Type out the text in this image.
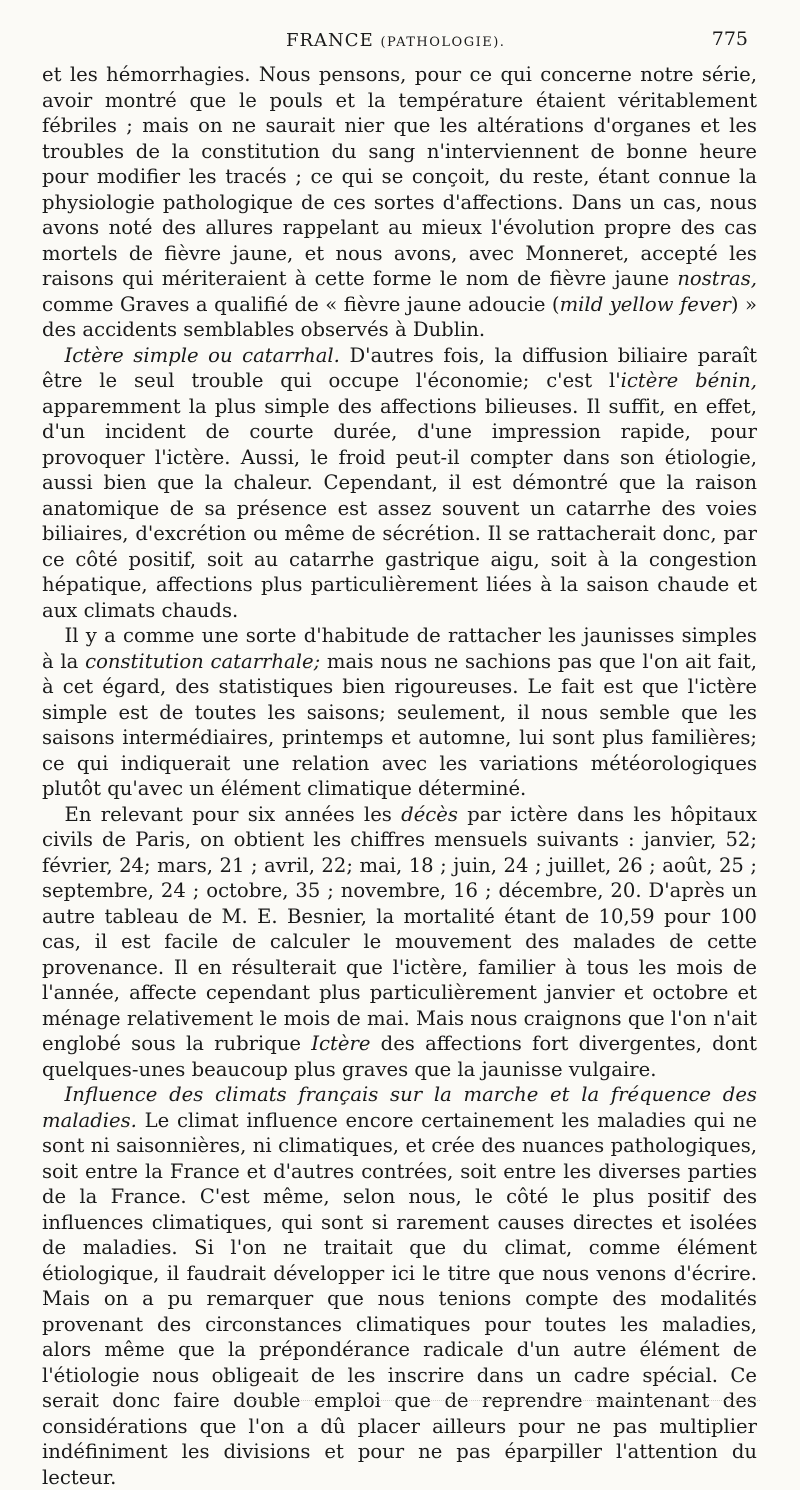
FRANCE (PATHOLOGIE).	775

et les hémorrhagies. Nous pensons, pour ce qui concerne notre série, avoir montré que le pouls et la température étaient véritablement fébriles ; mais on ne saurait nier que les altérations d'organes et les troubles de la constitution du sang n'interviennent de bonne heure pour modifier les tracés ; ce qui se conçoit, du reste, étant connue la physiologie pathologique de ces sortes d'affections. Dans un cas, nous avons noté des allures rappelant au mieux l'évolution propre des cas mortels de fièvre jaune, et nous avons, avec Monneret, accepté les raisons qui mériteraient à cette forme le nom de fièvre jaune nostras, comme Graves a qualifié de « fièvre jaune adoucie (mild yellow fever) » des accidents semblables observés à Dublin.

Ictère simple ou catarrhal. D'autres fois, la diffusion biliaire paraît être le seul trouble qui occupe l'économie; c'est l'ictère bénin, apparemment la plus simple des affections bilieuses. Il suffit, en effet, d'un incident de courte durée, d'une impression rapide, pour provoquer l'ictère. Aussi, le froid peut-il compter dans son étiologie, aussi bien que la chaleur. Cependant, il est démontré que la raison anatomique de sa présence est assez souvent un catarrhe des voies biliaires, d'excrétion ou même de sécrétion. Il se rattacherait donc, par ce côté positif, soit au catarrhe gastrique aigu, soit à la congestion hépatique, affections plus particulièrement liées à la saison chaude et aux climats chauds.

Il y a comme une sorte d'habitude de rattacher les jaunisses simples à la constitution catarrhale; mais nous ne sachions pas que l'on ait fait, à cet égard, des statistiques bien rigoureuses. Le fait est que l'ictère simple est de toutes les saisons; seulement, il nous semble que les saisons intermédiaires, printemps et automne, lui sont plus familières; ce qui indiquerait une relation avec les variations météorologiques plutôt qu'avec un élément climatique déterminé.

En relevant pour six années les décès par ictère dans les hôpitaux civils de Paris, on obtient les chiffres mensuels suivants : janvier, 52; février, 24; mars, 21 ; avril, 22; mai, 18 ; juin, 24 ; juillet, 26 ; août, 25 ; septembre, 24 ; octobre, 35 ; novembre, 16 ; décembre, 20. D'après un autre tableau de M. E. Besnier, la mortalité étant de 10,59 pour 100 cas, il est facile de calculer le mouvement des malades de cette provenance. Il en résulterait que l'ictère, familier à tous les mois de l'année, affecte cependant plus particulièrement janvier et octobre et ménage relativement le mois de mai. Mais nous craignons que l'on n'ait englobé sous la rubrique Ictère des affections fort divergentes, dont quelques-unes beaucoup plus graves que la jaunisse vulgaire.

Influence des climats français sur la marche et la fréquence des maladies. Le climat influence encore certainement les maladies qui ne sont ni saisonnières, ni climatiques, et crée des nuances pathologiques, soit entre la France et d'autres contrées, soit entre les diverses parties de la France. C'est même, selon nous, le côté le plus positif des influences climatiques, qui sont si rarement causes directes et isolées de maladies. Si l'on ne traitait que du climat, comme élément étiologique, il faudrait développer ici le titre que nous venons d'écrire. Mais on a pu remarquer que nous tenions compte des modalités provenant des circonstances climatiques pour toutes les maladies, alors même que la prépondérance radicale d'un autre élément de l'étiologie nous obligeait de les inscrire dans un cadre spécial. Ce serait donc faire double emploi que de reprendre maintenant des considérations que l'on a dû placer ailleurs pour ne pas multiplier indéfiniment les divisions et pour ne pas éparpiller l'attention du lecteur.
